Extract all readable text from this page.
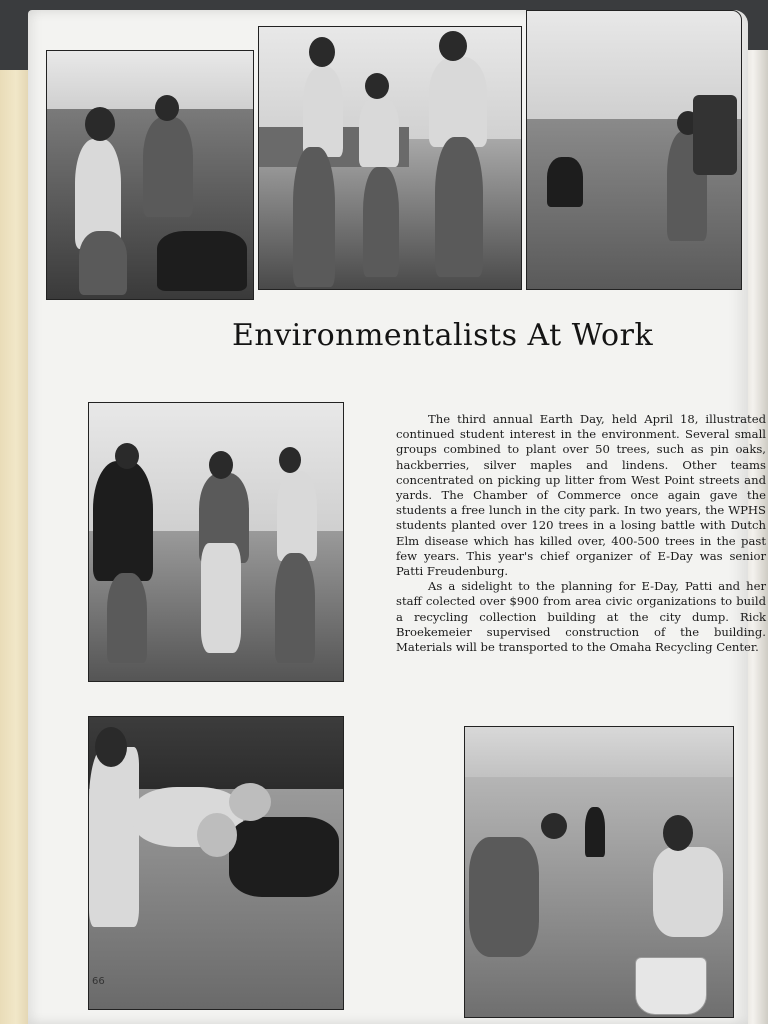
Environmentalists At Work

The third annual Earth Day, held April 18, illustrated continued student interest in the environment. Several small groups combined to plant over 50 trees, such as pin oaks, hackberries, silver maples and lindens. Other teams concentrated on picking up litter from West Point streets and yards. The Chamber of Commerce once again gave the students a free lunch in the city park. In two years, the WPHS students planted over 120 trees in a losing battle with Dutch Elm disease which has killed over, 400-500 trees in the past few years. This year's chief organizer of E-Day was senior Patti Freudenburg.

As a sidelight to the planning for E-Day, Patti and her staff colected over $900 from area civic organizations to build a recycling collection building at the city dump. Rick Broekemeier supervised construction of the building. Materials will be transported to the Omaha Recycling Center.

66
